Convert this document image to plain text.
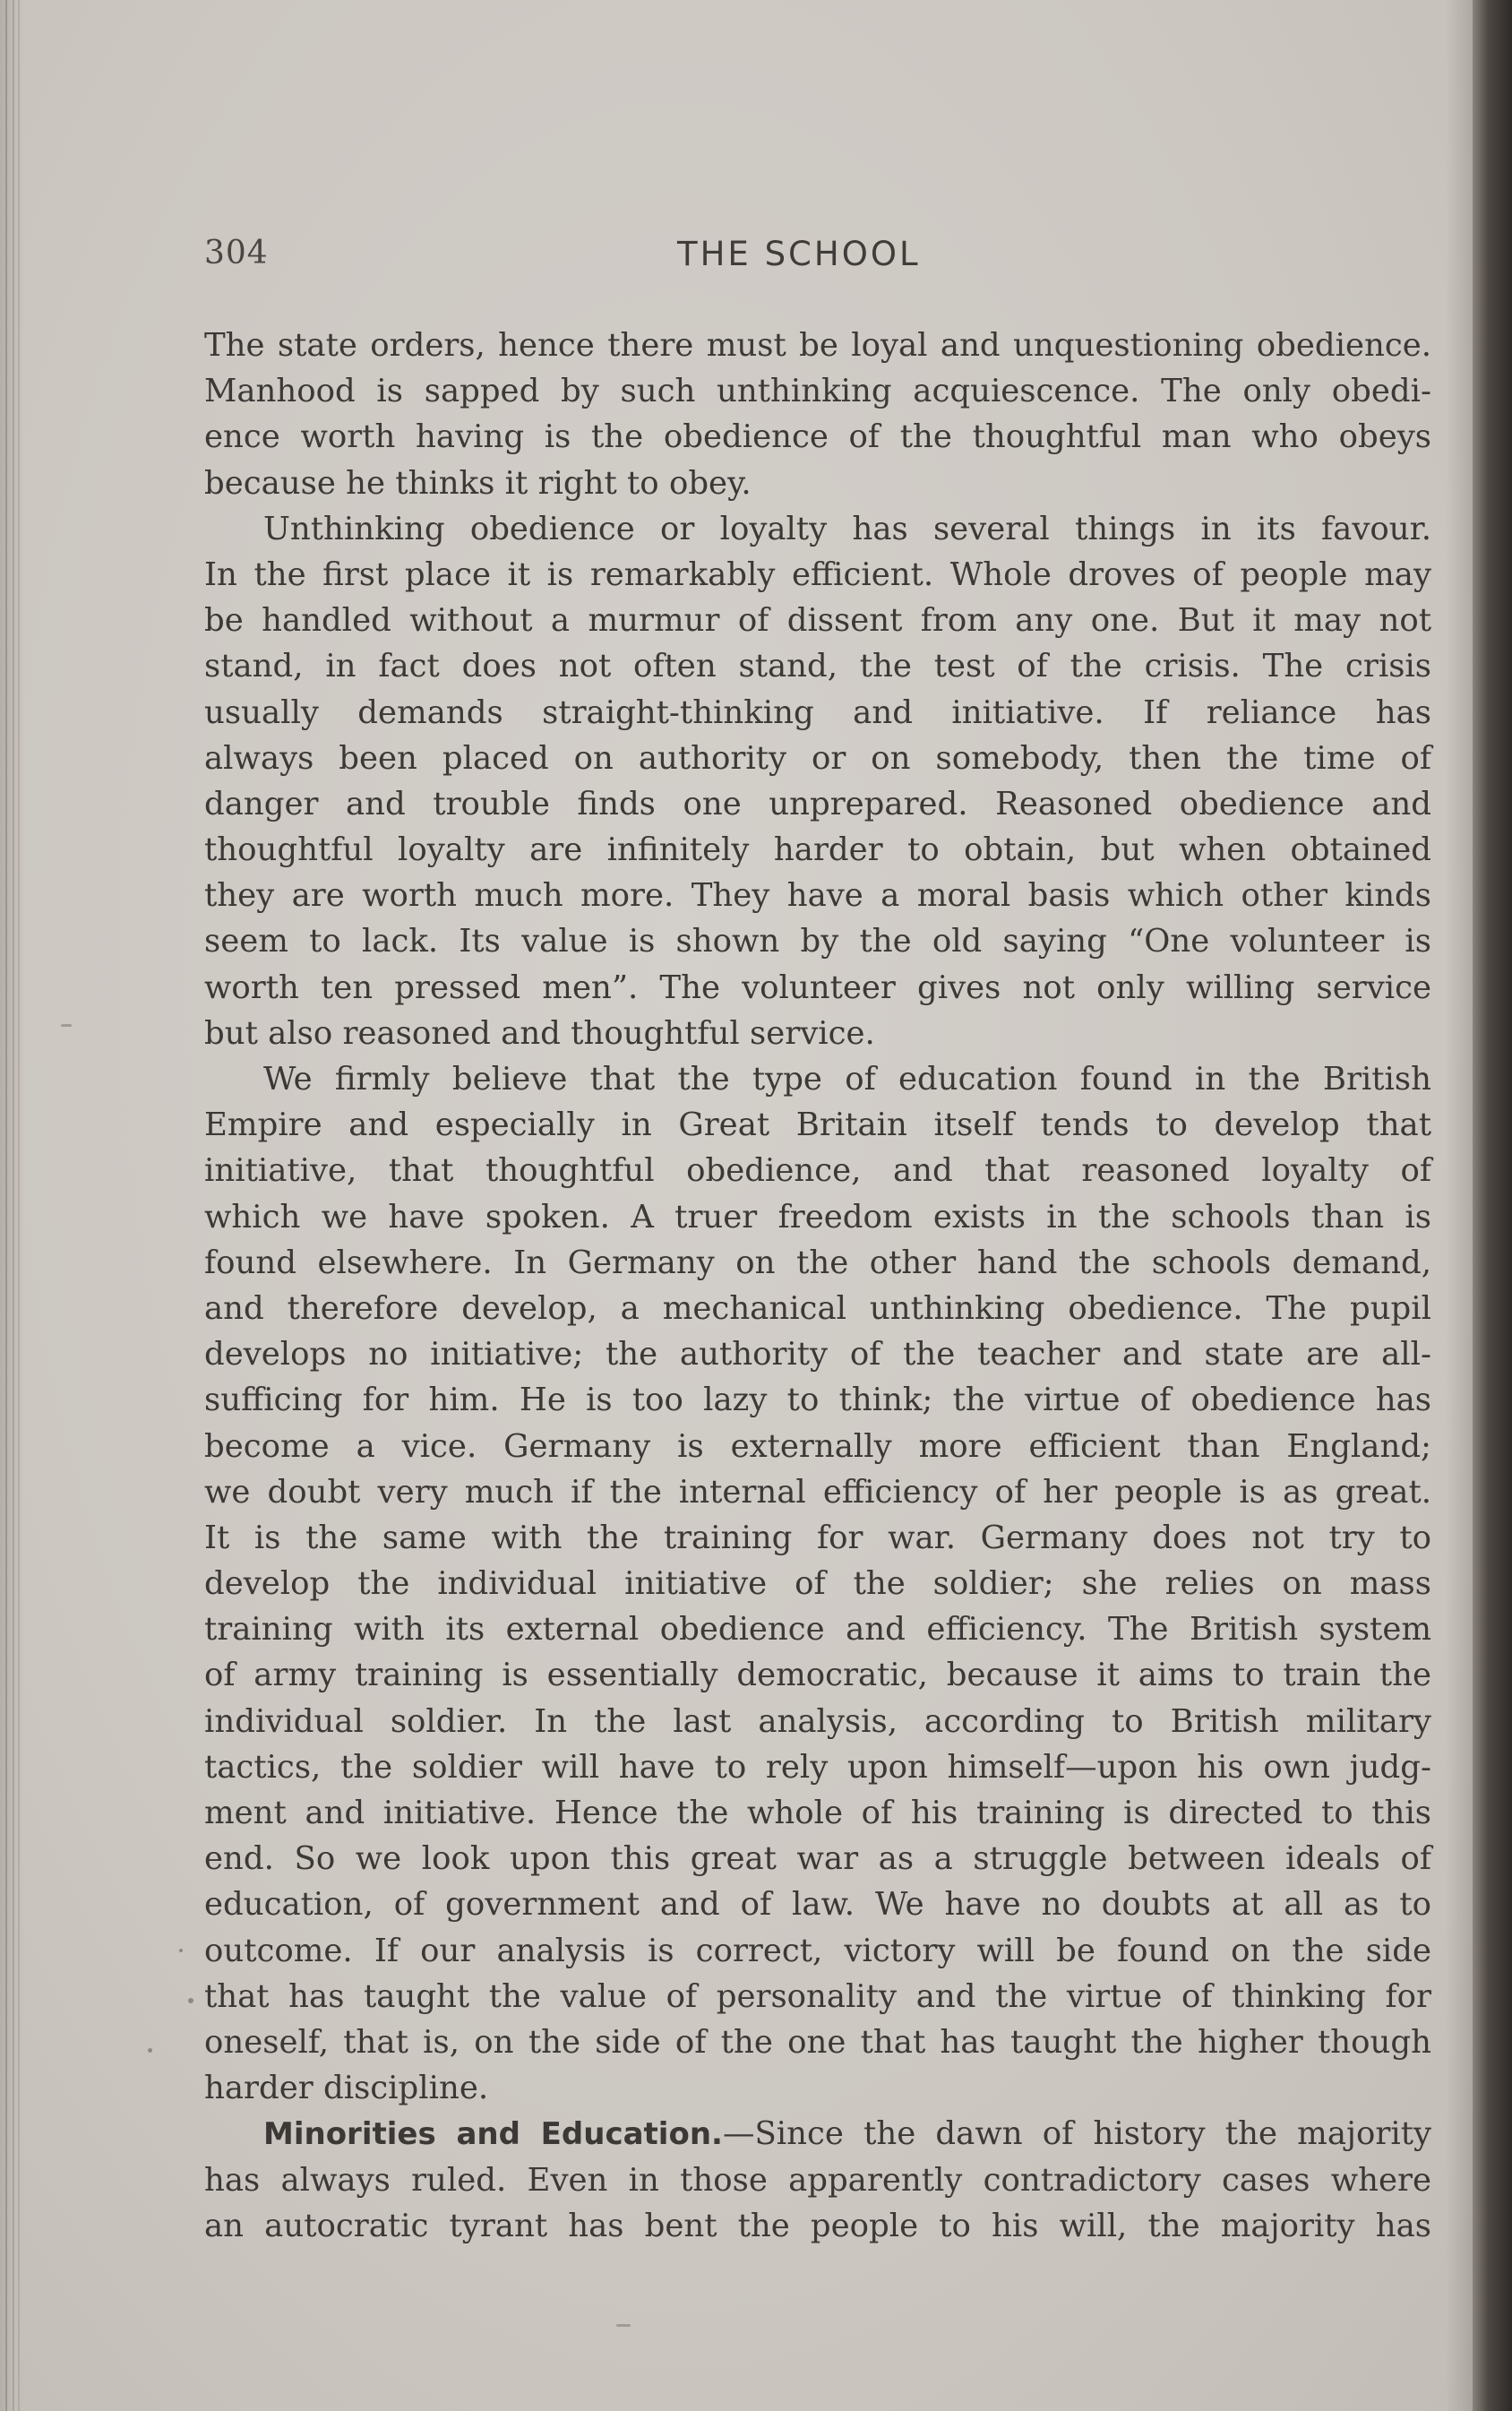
304	THE SCHOOL
The state orders, hence there must be loyal and unquestioning obedience.
Manhood is sapped by such unthinking acquiescence. The only obedi-
ence worth having is the obedience of the thoughtful man who obeys
because he thinks it right to obey.
Unthinking obedience or loyalty has several things in its favour.
In the first place it is remarkably efficient. Whole droves of people may
be handled without a murmur of dissent from any one. But it may not
stand, in fact does not often stand, the test of the crisis. The crisis
usually demands straight-thinking and initiative. If reliance has
always been placed on authority or on somebody, then the time of
danger and trouble finds one unprepared. Reasoned obedience and
thoughtful loyalty are infinitely harder to obtain, but when obtained
they are worth much more. They have a moral basis which other kinds
seem to lack. Its value is shown by the old saying “One volunteer is
worth ten pressed men”. The volunteer gives not only willing service
but also reasoned and thoughtful service.
We firmly believe that the type of education found in the British
Empire and especially in Great Britain itself tends to develop that
initiative, that thoughtful obedience, and that reasoned loyalty of
which we have spoken. A truer freedom exists in the schools than is
found elsewhere. In Germany on the other hand the schools demand,
and therefore develop, a mechanical unthinking obedience. The pupil
develops no initiative; the authority of the teacher and state are all-
sufficing for him. He is too lazy to think; the virtue of obedience has
become a vice. Germany is externally more efficient than England;
we doubt very much if the internal efficiency of her people is as great.
It is the same with the training for war. Germany does not try to
develop the individual initiative of the soldier; she relies on mass
training with its external obedience and efficiency. The British system
of army training is essentially democratic, because it aims to train the
individual soldier. In the last analysis, according to British military
tactics, the soldier will have to rely upon himself—upon his own judg-
ment and initiative. Hence the whole of his training is directed to this
end. So we look upon this great war as a struggle between ideals of
education, of government and of law. We have no doubts at all as to
outcome. If our analysis is correct, victory will be found on the side
that has taught the value of personality and the virtue of thinking for
oneself, that is, on the side of the one that has taught the higher though
harder discipline.
Minorities and Education.—Since the dawn of history the majority
has always ruled. Even in those apparently contradictory cases where
an autocratic tyrant has bent the people to his will, the majority has
